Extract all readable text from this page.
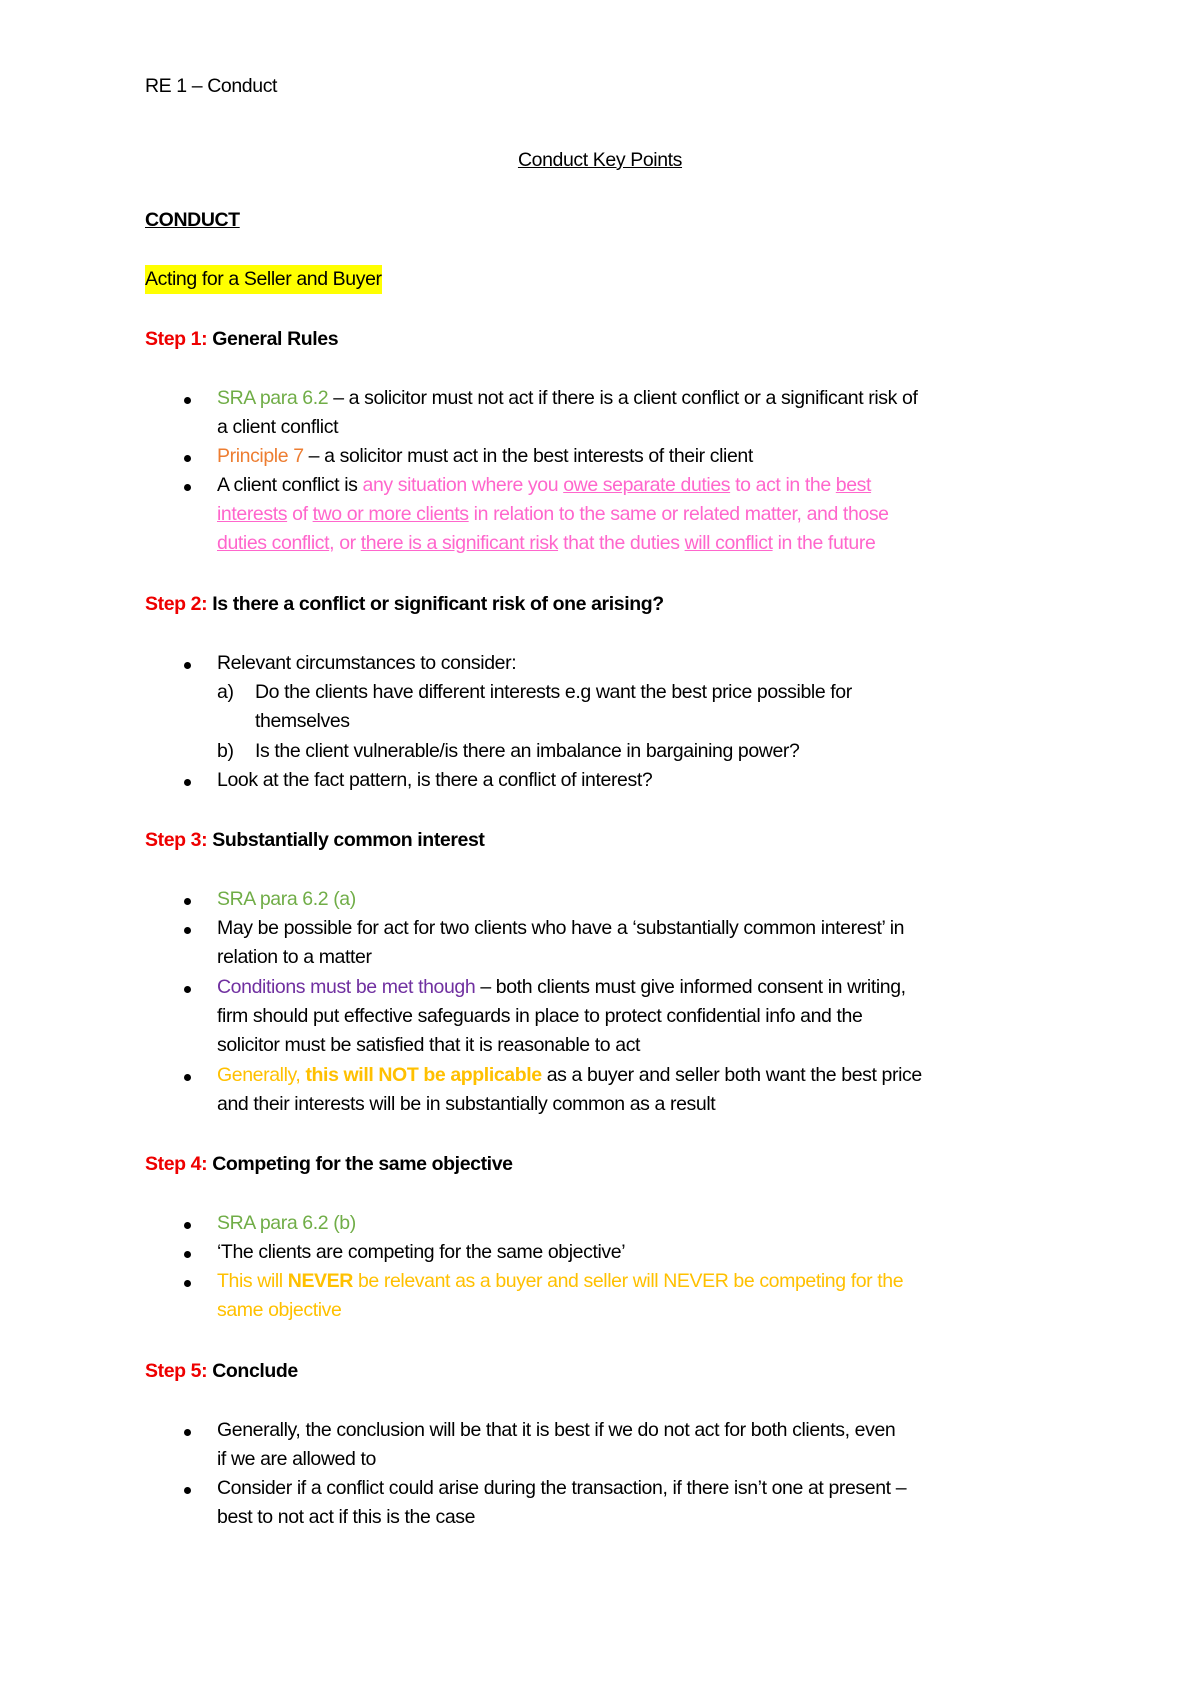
RE 1 – Conduct

Conduct Key Points

CONDUCT

Acting for a Seller and Buyer

Step 1: General Rules

SRA para 6.2 – a solicitor must not act if there is a client conflict or a significant risk of

a client conflict

Principle 7 – a solicitor must act in the best interests of their client

A client conflict is any situation where you owe separate duties to act in the best

interests of two or more clients in relation to the same or related matter, and those

duties conflict, or there is a significant risk that the duties will conflict in the future

Step 2: Is there a conflict or significant risk of one arising?

Relevant circumstances to consider:

a) Do the clients have different interests e.g want the best price possible for

themselves

b) Is the client vulnerable/is there an imbalance in bargaining power?

Look at the fact pattern, is there a conflict of interest?

Step 3: Substantially common interest

SRA para 6.2 (a)

May be possible for act for two clients who have a ‘substantially common interest’ in

relation to a matter

Conditions must be met though – both clients must give informed consent in writing,

firm should put effective safeguards in place to protect confidential info and the

solicitor must be satisfied that it is reasonable to act

Generally, this will NOT be applicable as a buyer and seller both want the best price

and their interests will be in substantially common as a result

Step 4: Competing for the same objective

SRA para 6.2 (b)

‘The clients are competing for the same objective’

This will NEVER be relevant as a buyer and seller will NEVER be competing for the

same objective

Step 5: Conclude

Generally, the conclusion will be that it is best if we do not act for both clients, even

if we are allowed to

Consider if a conflict could arise during the transaction, if there isn’t one at present –

best to not act if this is the case
